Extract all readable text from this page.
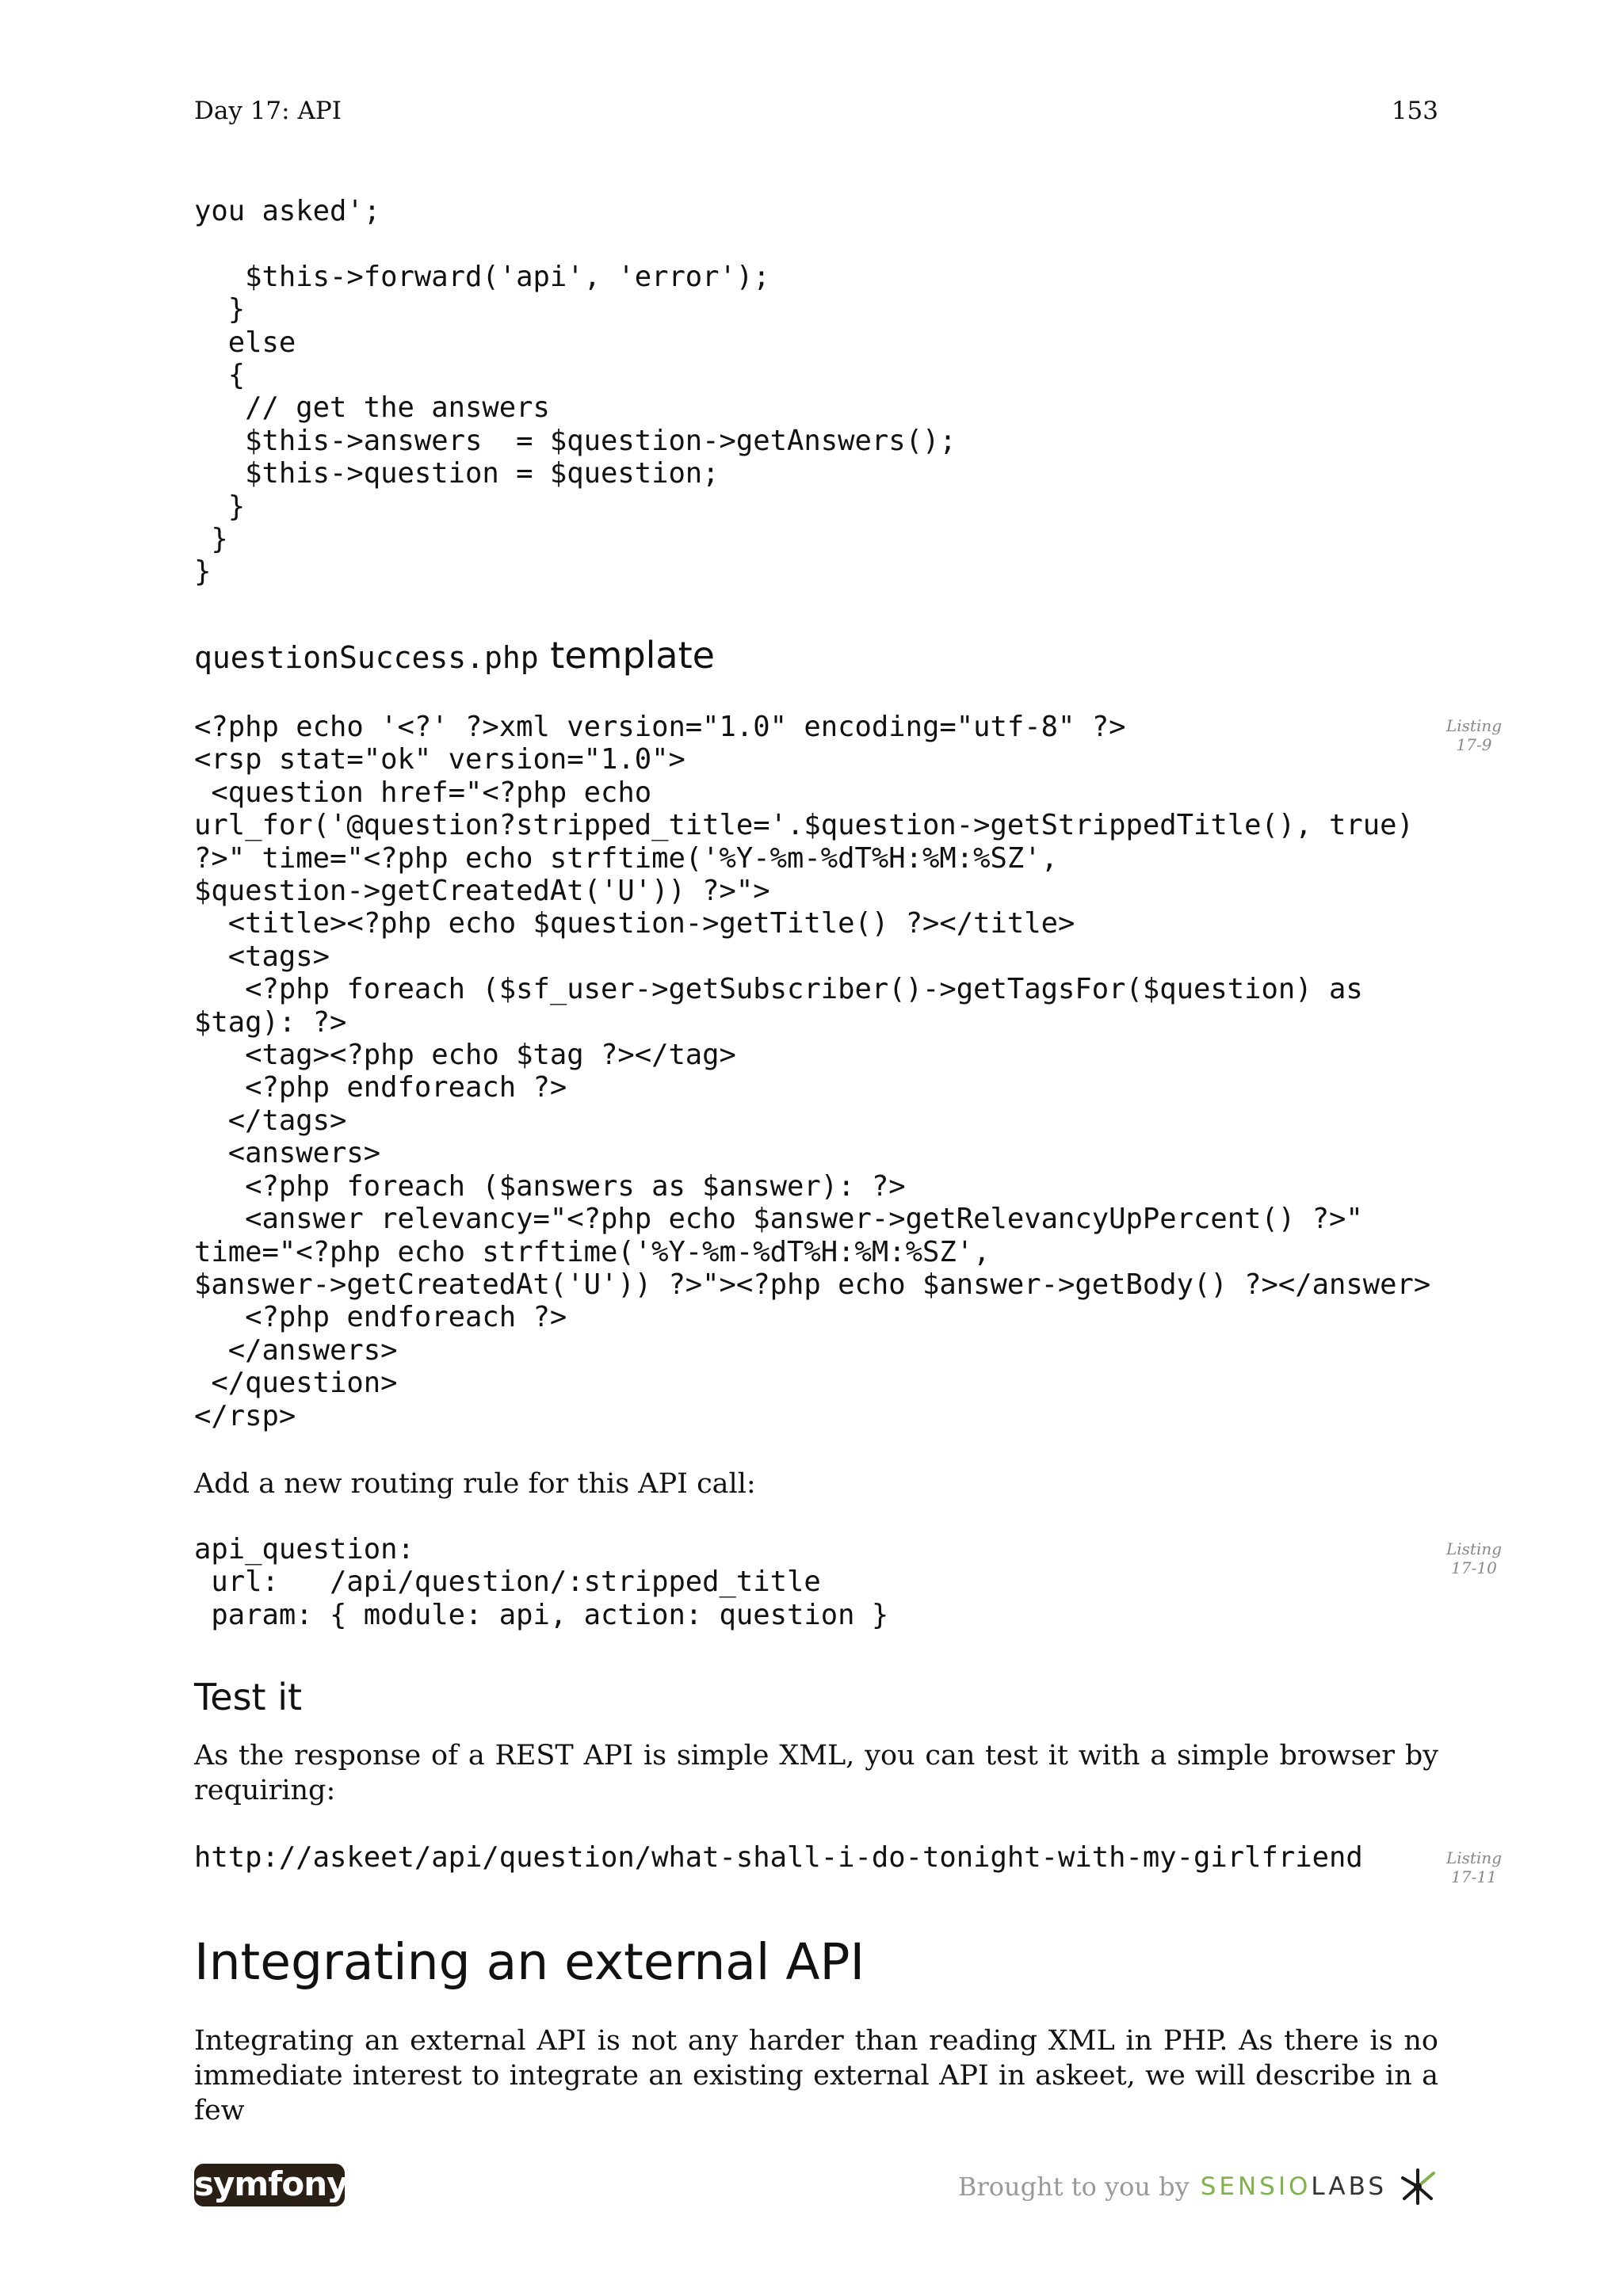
Day 17: API	153
you asked';

$this->forward('api', 'error');
}
else
{
// get the answers
$this->answers  = $question->getAnswers();
$this->question = $question;
}
}
}
questionSuccess.php template
Listing
17-9
<?php echo '<?' ?>xml version="1.0" encoding="utf-8" ?>
<rsp stat="ok" version="1.0">
<question href="<?php echo
url_for('@question?stripped_title='.$question->getStrippedTitle(), true)
?>" time="<?php echo strftime('%Y-%m-%dT%H:%M:%SZ',
$question->getCreatedAt('U')) ?>">
<title><?php echo $question->getTitle() ?></title>
<tags>
<?php foreach ($sf_user->getSubscriber()->getTagsFor($question) as
$tag): ?>
<tag><?php echo $tag ?></tag>
<?php endforeach ?>
</tags>
<answers>
<?php foreach ($answers as $answer): ?>
<answer relevancy="<?php echo $answer->getRelevancyUpPercent() ?>"
time="<?php echo strftime('%Y-%m-%dT%H:%M:%SZ',
$answer->getCreatedAt('U')) ?>"><?php echo $answer->getBody() ?></answer>
<?php endforeach ?>
</answers>
</question>
</rsp>

Add a new routing rule for this API call:

Listing
17-10
api_question:
url:   /api/question/:stripped_title
param: { module: api, action: question }
Test it

As the response of a REST API is simple XML, you can test it with a simple browser by requiring:

Listing
17-11
http://askeet/api/question/what-shall-i-do-tonight-with-my-girlfriend
Integrating an external API

Integrating an external API is not any harder than reading XML in PHP. As there is no immediate interest to integrate an existing external API in askeet, we will describe in a few

symfony	Brought to you by SENSIO LABS
